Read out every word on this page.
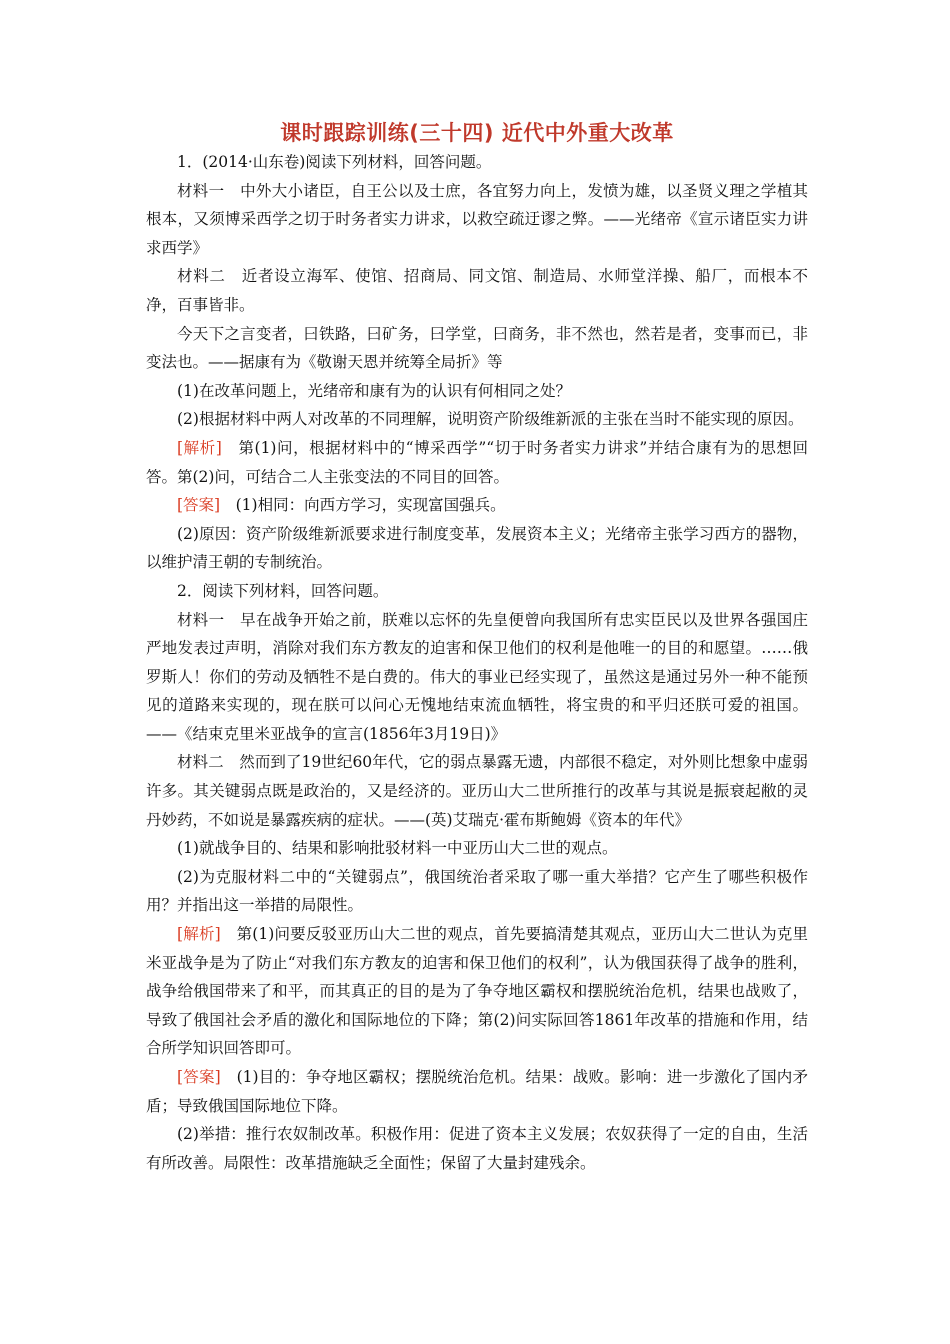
课时跟踪训练(三十四) 近代中外重大改革

1．(2014·山东卷)阅读下列材料，回答问题。

材料一　中外大小诸臣，自王公以及士庶，各宜努力向上，发愤为雄，以圣贤义理之学植其根本，又须博采西学之切于时务者实力讲求，以救空疏迂谬之弊。——光绪帝《宣示诸臣实力讲求西学》

材料二　近者设立海军、使馆、招商局、同文馆、制造局、水师堂洋操、船厂，而根本不净，百事皆非。

今天下之言变者，曰铁路，曰矿务，曰学堂，曰商务，非不然也，然若是者，变事而已，非变法也。——据康有为《敬谢天恩并统筹全局折》等

(1)在改革问题上，光绪帝和康有为的认识有何相同之处？

(2)根据材料中两人对改革的不同理解，说明资产阶级维新派的主张在当时不能实现的原因。

[解析]　第(1)问，根据材料中的“博采西学”“切于时务者实力讲求”并结合康有为的思想回答。第(2)问，可结合二人主张变法的不同目的回答。

[答案]　(1)相同：向西方学习，实现富国强兵。

(2)原因：资产阶级维新派要求进行制度变革，发展资本主义；光绪帝主张学习西方的器物，以维护清王朝的专制统治。

2．阅读下列材料，回答问题。

材料一　早在战争开始之前，朕难以忘怀的先皇便曾向我国所有忠实臣民以及世界各强国庄严地发表过声明，消除对我们东方教友的迫害和保卫他们的权利是他唯一的目的和愿望。……俄罗斯人！你们的劳动及牺牲不是白费的。伟大的事业已经实现了，虽然这是通过另外一种不能预见的道路来实现的，现在朕可以问心无愧地结束流血牺牲，将宝贵的和平归还朕可爱的祖国。——《结束克里米亚战争的宣言(1856年3月19日)》

材料二　然而到了19世纪60年代，它的弱点暴露无遗，内部很不稳定，对外则比想象中虚弱许多。其关键弱点既是政治的，又是经济的。亚历山大二世所推行的改革与其说是振衰起敝的灵丹妙药，不如说是暴露疾病的症状。——(英)艾瑞克·霍布斯鲍姆《资本的年代》

(1)就战争目的、结果和影响批驳材料一中亚历山大二世的观点。

(2)为克服材料二中的“关键弱点”，俄国统治者采取了哪一重大举措？它产生了哪些积极作用？并指出这一举措的局限性。

[解析]　第(1)问要反驳亚历山大二世的观点，首先要搞清楚其观点，亚历山大二世认为克里米亚战争是为了防止“对我们东方教友的迫害和保卫他们的权利”，认为俄国获得了战争的胜利，战争给俄国带来了和平，而其真正的目的是为了争夺地区霸权和摆脱统治危机，结果也战败了，导致了俄国社会矛盾的激化和国际地位的下降；第(2)问实际回答1861年改革的措施和作用，结合所学知识回答即可。

[答案]　(1)目的：争夺地区霸权；摆脱统治危机。结果：战败。影响：进一步激化了国内矛盾；导致俄国国际地位下降。

(2)举措：推行农奴制改革。积极作用：促进了资本主义发展；农奴获得了一定的自由，生活有所改善。局限性：改革措施缺乏全面性；保留了大量封建残余。
